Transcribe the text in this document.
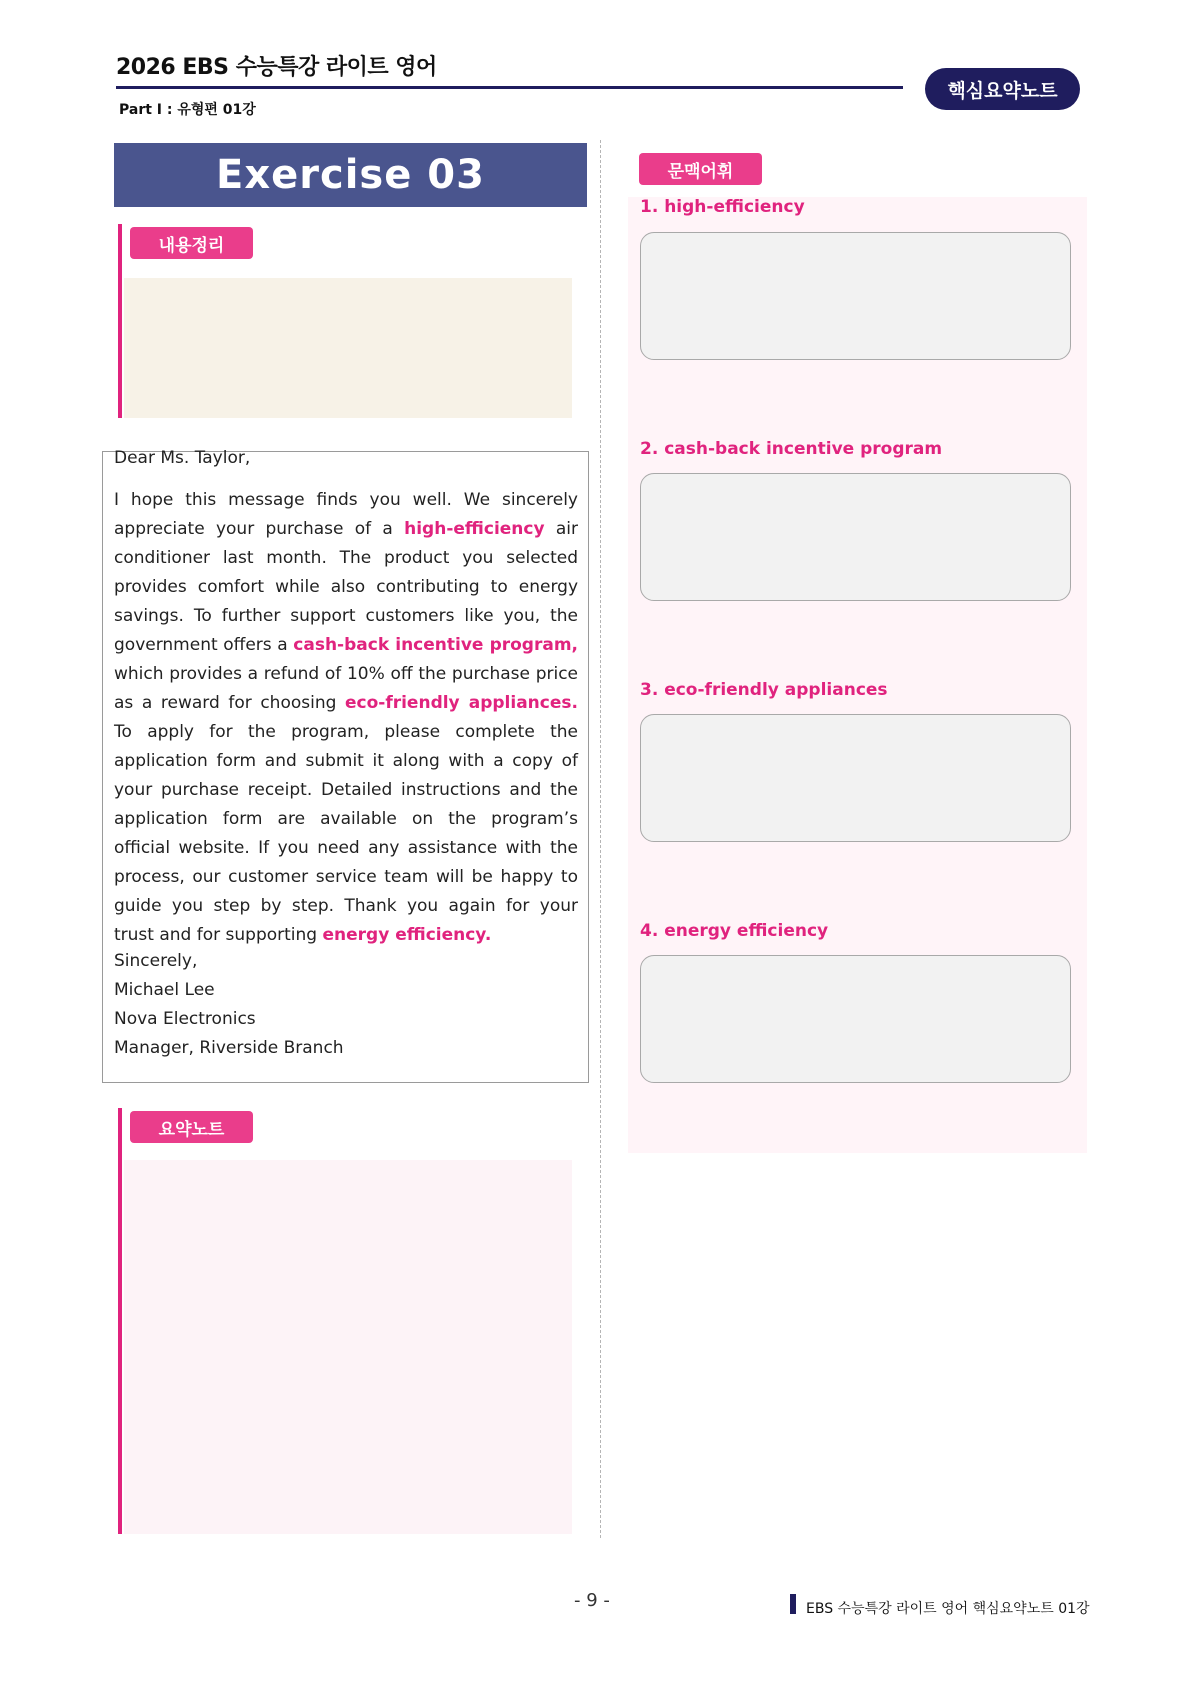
2026 EBS 수능특강 라이트 영어
Part Ⅰ : 유형편 01강
핵심요약노트
Exercise 03
내용정리
Dear Ms. Taylor,
I hope this message finds you well. We sincerely appreciate your purchase of a high-efficiency air conditioner last month. The product you selected provides comfort while also contributing to energy savings. To further support customers like you, the government offers a cash-back incentive program, which provides a refund of 10% off the purchase price as a reward for choosing eco-friendly appliances. To apply for the program, please complete the application form and submit it along with a copy of your purchase receipt. Detailed instructions and the application form are available on the program’s official website. If you need any assistance with the process, our customer service team will be happy to guide you step by step. Thank you again for your trust and for supporting energy efficiency.
Sincerely,
Michael Lee
Nova Electronics
Manager, Riverside Branch
요약노트
문맥어휘
1. high-efficiency
2. cash-back incentive program
3. eco-friendly appliances
4. energy efficiency
- 9 -	EBS 수능특강 라이트 영어 핵심요약노트 01강
